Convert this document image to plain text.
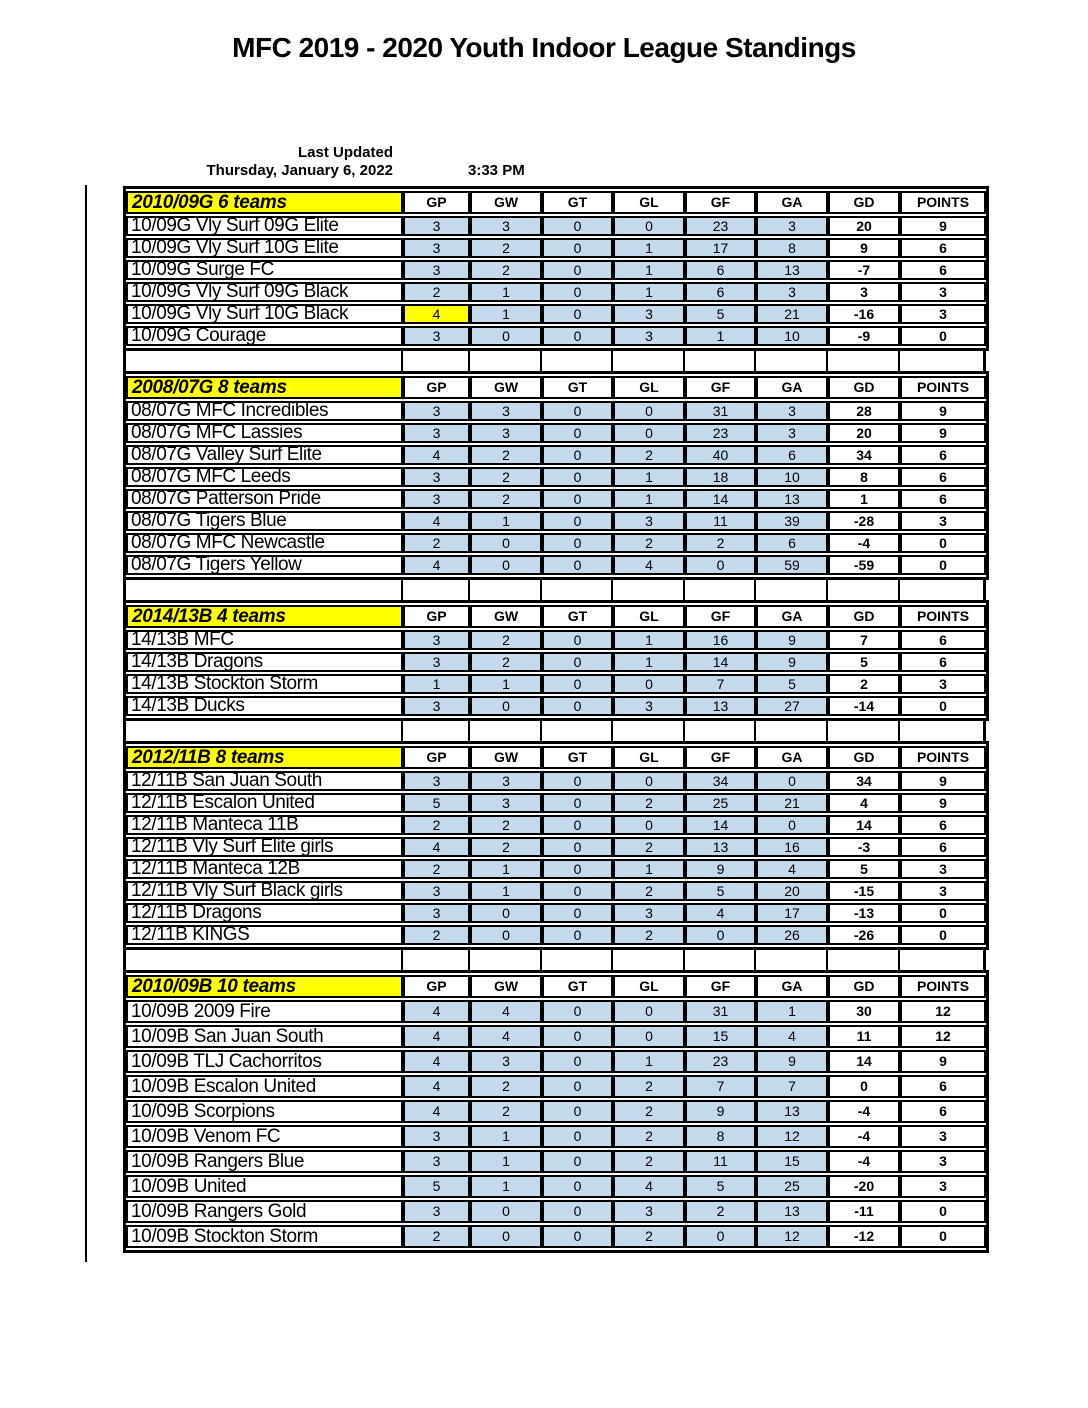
MFC 2019 - 2020 Youth Indoor League Standings
Last Updated
Thursday, January 6, 2022	3:33 PM
2010/09G 6 teams	GP	GW	GT	GL	GF	GA	GD	POINTS
10/09G Vly Surf 09G Elite	3	3	0	0	23	3	20	9
10/09G Vly Surf 10G Elite	3	2	0	1	17	8	9	6
10/09G Surge FC	3	2	0	1	6	13	-7	6
10/09G Vly Surf 09G Black	2	1	0	1	6	3	3	3
10/09G Vly Surf 10G Black	4	1	0	3	5	21	-16	3
10/09G Courage	3	0	0	3	1	10	-9	0

2008/07G 8 teams	GP	GW	GT	GL	GF	GA	GD	POINTS
08/07G MFC Incredibles	3	3	0	0	31	3	28	9
08/07G MFC Lassies	3	3	0	0	23	3	20	9
08/07G Valley Surf Elite	4	2	0	2	40	6	34	6
08/07G MFC Leeds	3	2	0	1	18	10	8	6
08/07G Patterson Pride	3	2	0	1	14	13	1	6
08/07G Tigers Blue	4	1	0	3	11	39	-28	3
08/07G MFC Newcastle	2	0	0	2	2	6	-4	0
08/07G Tigers Yellow	4	0	0	4	0	59	-59	0

2014/13B 4 teams	GP	GW	GT	GL	GF	GA	GD	POINTS
14/13B MFC	3	2	0	1	16	9	7	6
14/13B Dragons	3	2	0	1	14	9	5	6
14/13B Stockton Storm	1	1	0	0	7	5	2	3
14/13B Ducks	3	0	0	3	13	27	-14	0

2012/11B 8 teams	GP	GW	GT	GL	GF	GA	GD	POINTS
12/11B San Juan South	3	3	0	0	34	0	34	9
12/11B Escalon United	5	3	0	2	25	21	4	9
12/11B Manteca 11B	2	2	0	0	14	0	14	6
12/11B Vly Surf Elite girls	4	2	0	2	13	16	-3	6
12/11B Manteca 12B	2	1	0	1	9	4	5	3
12/11B Vly Surf Black girls	3	1	0	2	5	20	-15	3
12/11B Dragons	3	0	0	3	4	17	-13	0
12/11B KINGS	2	0	0	2	0	26	-26	0

2010/09B 10 teams	GP	GW	GT	GL	GF	GA	GD	POINTS
10/09B 2009 Fire	4	4	0	0	31	1	30	12
10/09B San Juan South	4	4	0	0	15	4	11	12
10/09B TLJ Cachorritos	4	3	0	1	23	9	14	9
10/09B Escalon United	4	2	0	2	7	7	0	6
10/09B Scorpions	4	2	0	2	9	13	-4	6
10/09B Venom FC	3	1	0	2	8	12	-4	3
10/09B Rangers Blue	3	1	0	2	11	15	-4	3
10/09B United	5	1	0	4	5	25	-20	3
10/09B Rangers Gold	3	0	0	3	2	13	-11	0
10/09B Stockton Storm	2	0	0	2	0	12	-12	0
